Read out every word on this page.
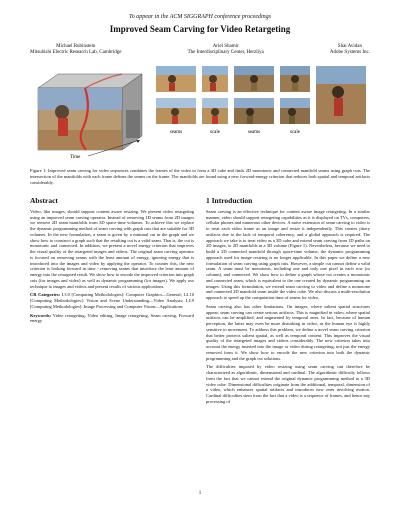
To appear in the ACM SIGGRAPH conference proceedings
Improved Seam Carving for Video Retargeting
Michael Rubinstein
Mitsubishi Electric Research Lab, Cambridge
Ariel Shamir
The Interdisciplinary Center, Herzliya
Shai Avidan
Adobe Systems Inc.
Time
seams	scale	seams	scale
Figure 1: Improved seam carving for video sequences combines the frames of the video to form a 3D cube and finds 2D monotonic and connected manifold seams using graph cuts. The intersection of the manifolds with each frame defines the seams on the frame. The manifolds are found using a new forward-energy criterion that reduces both spatial and temporal artifacts considerably.
Abstract

Video, like images, should support content aware resizing. We present video retargeting using an improved seam carving operator. Instead of removing 1D seams from 2D images we remove 2D seam manifolds from 3D space-time volumes. To achieve this we replace the dynamic programming method of seam carving with graph cuts that are suitable for 3D volumes. In the new formulation, a seam is given by a minimal cut in the graph and we show how to construct a graph such that the resulting cut is a valid seam. That is, the cut is monotonic and connected. In addition, we present a novel energy criterion that improves the visual quality of the retargeted images and videos. The original seam carving operator is focused on removing seams with the least amount of energy, ignoring energy that is introduced into the images and video by applying the operator. To counter this, the new criterion is looking forward in time - removing seams that introduce the least amount of energy into the retargeted result. We show how to encode the improved criterion into graph cuts (for images and video) as well as dynamic programming (for images). We apply our technique to images and videos and present results of various applications.

CR Categories: I.3.0 [Computing Methodologies]: Computer Graphics—General; I.2.10 [Computing Methodologies]: Vision and Scene Understanding—Video Analysis; I.4.9 [Computing Methodologies]: Image Processing and Computer Vision—Applications

Keywords: Video retargeting, Video editing, Image retargeting, Seam carving, Forward energy

1 Introduction

Seam carving is an effective technique for content aware image retargeting. In a similar manner, video should support retargeting capabilities as it is displayed on TVs, computers, cellular phones and numerous other devices. A naive extension of seam carving to video is to treat each video frame as an image and resize it independently. This creates jittery artifacts due to the lack of temporal coherency, and a global approach is required. The approach we take is to treat video as a 3D cube and extend seam carving from 1D paths on 2D images, to 2D manifolds in a 3D volume (Figure 1). Nevertheless, because we need to build a 2D connected manifold through space-time volume, the dynamic programming approach used for image resizing is no longer applicable. In this paper we define a new formulation of seam carving using graph cuts. However, a simple cut cannot define a valid seam. A seam must be monotonic, including one and only one pixel in each row (or column), and connected. We show how to define a graph whose cut creates a monotonic and connected seam, which is equivalent to the one created by dynamic programming on images. Using this formulation, we extend seam carving to video and define a monotone and connected 2D manifold seam inside the video cube. We also discuss a multi-resolution approach to speed up the computation time of seams for video.

Seam carving also has other limitations. On images, where salient spatial structures appear, seam carving can create serious artifacts. This is magnified in video, where spatial artifacts can be amplified, and augmented by temporal ones. In fact, because of human perception, the latter may even be more disturbing in video, as the human eye is highly sensitive to movement. To address this problem, we define a novel seam carving criterion that better protects salient spatial, as well as temporal content. This improves the visual quality of the retargeted images and videos considerably. The new criterion takes into account the energy inserted into the image or video during retargeting, not just the energy removed from it. We show how to encode the new criterion into both the dynamic programming and the graph cut solutions.

The difficulties imposed by video resizing using seam carving can therefore be characterized as algorithmic, dimensional and cardinal. The algorithmic difficulty follows from the fact that we cannot extend the original dynamic programming method to a 3D video cube. Dimensional difficulties originate from the additional, temporal, dimension of a video, which enhances spatial artifacts and introduces new ones involving motion. Cardinal difficulties stem from the fact that a video is a sequence of frames, and hence any processing of

1
